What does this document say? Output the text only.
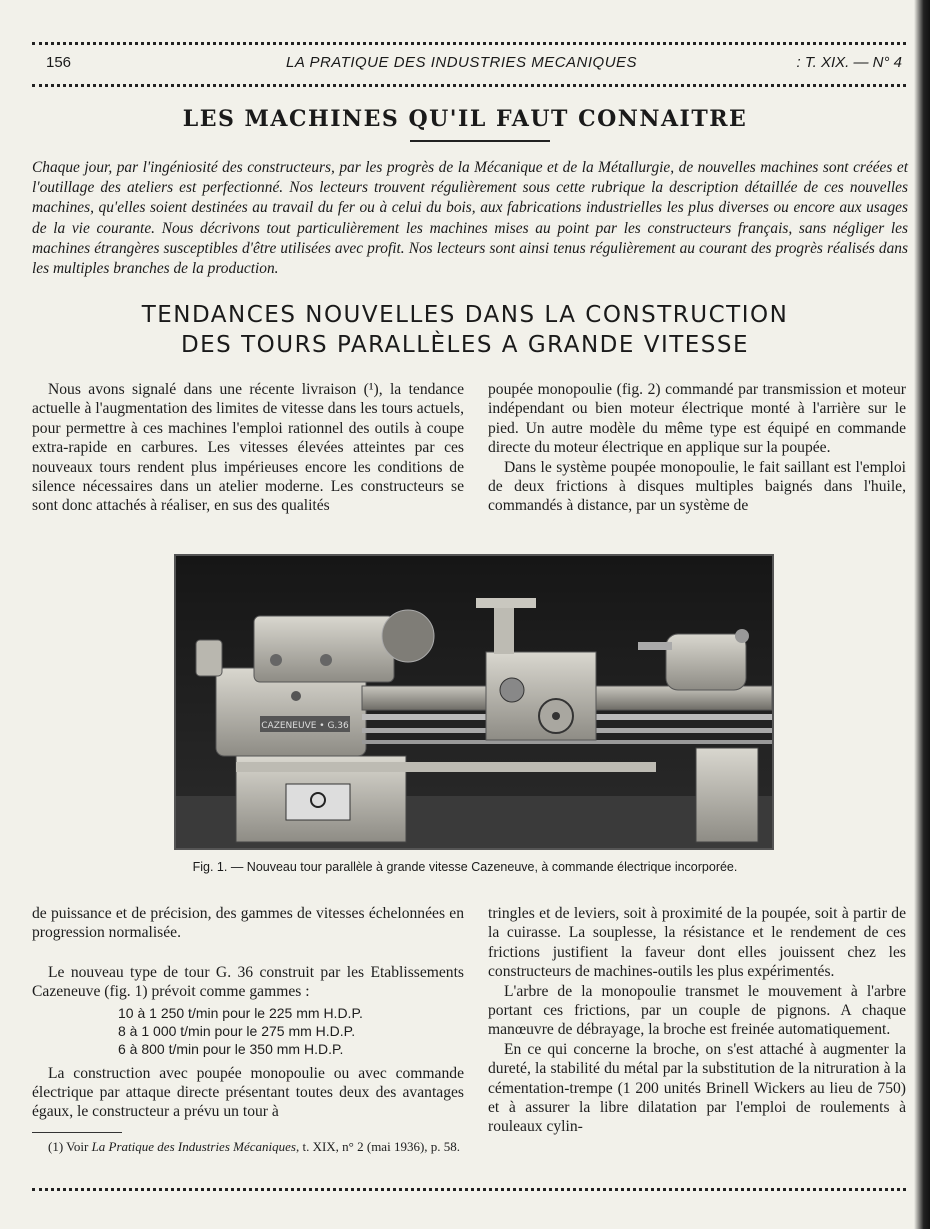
156	LA PRATIQUE DES INDUSTRIES MECANIQUES	: T. XIX. — N° 4
LES MACHINES QU'IL FAUT CONNAITRE
Chaque jour, par l'ingéniosité des constructeurs, par les progrès de la Mécanique et de la Métallurgie, de nouvelles machines sont créées et l'outillage des ateliers est perfectionné. Nos lecteurs trouvent régulièrement sous cette rubrique la description détaillée de ces nouvelles machines, qu'elles soient destinées au travail du fer ou à celui du bois, aux fabrications industrielles les plus diverses ou encore aux usages de la vie courante. Nous décrivons tout particulièrement les machines mises au point par les constructeurs français, sans négliger les machines étrangères susceptibles d'être utilisées avec profit. Nos lecteurs sont ainsi tenus régulièrement au courant des progrès réalisés dans les multiples branches de la production.
TENDANCES NOUVELLES DANS LA CONSTRUCTION
DES TOURS PARALLÈLES A GRANDE VITESSE

Nous avons signalé dans une récente livraison (¹), la tendance actuelle à l'augmentation des limites de vitesse dans les tours actuels, pour permettre à ces machines l'emploi rationnel des outils à coupe extra-rapide en carbures. Les vitesses élevées atteintes par ces nouveaux tours rendent plus impérieuses encore les conditions de silence nécessaires dans un atelier moderne. Les constructeurs se sont donc attachés à réaliser, en sus des qualités

poupée monopoulie (fig. 2) commandé par transmission et moteur indépendant ou bien moteur électrique monté à l'arrière sur le pied. Un autre modèle du même type est équipé en commande directe du moteur électrique en applique sur la poupée.

Dans le système poupée monopoulie, le fait saillant est l'emploi de deux frictions à disques multiples baignés dans l'huile, commandés à distance, par un système de

CAZENEUVE • G.36
Fig. 1. — Nouveau tour parallèle à grande vitesse Cazeneuve, à commande électrique incorporée.

de puissance et de précision, des gammes de vitesses échelonnées en progression normalisée.

Le nouveau type de tour G. 36 construit par les Etablissements Cazeneuve (fig. 1) prévoit comme gammes :

10 à 1 250 t/min pour le 225 mm H.D.P.
8 à 1 000 t/min pour le 275 mm H.D.P.
6 à 800 t/min pour le 350 mm H.D.P.

La construction avec poupée monopoulie ou avec commande électrique par attaque directe présentant toutes deux des avantages égaux, le constructeur a prévu un tour à

(1) Voir La Pratique des Industries Mécaniques, t. XIX, n° 2 (mai 1936), p. 58.

tringles et de leviers, soit à proximité de la poupée, soit à partir de la cuirasse. La souplesse, la résistance et le rendement de ces frictions justifient la faveur dont elles jouissent chez les constructeurs de machines-outils les plus expérimentés.

L'arbre de la monopoulie transmet le mouvement à l'arbre portant ces frictions, par un couple de pignons. A chaque manœuvre de débrayage, la broche est freinée automatiquement.

En ce qui concerne la broche, on s'est attaché à augmenter la dureté, la stabilité du métal par la substitution de la nitruration à la cémentation-trempe (1 200 unités Brinell Wickers au lieu de 750) et à assurer la libre dilatation par l'emploi de roulements à rouleaux cylin-
